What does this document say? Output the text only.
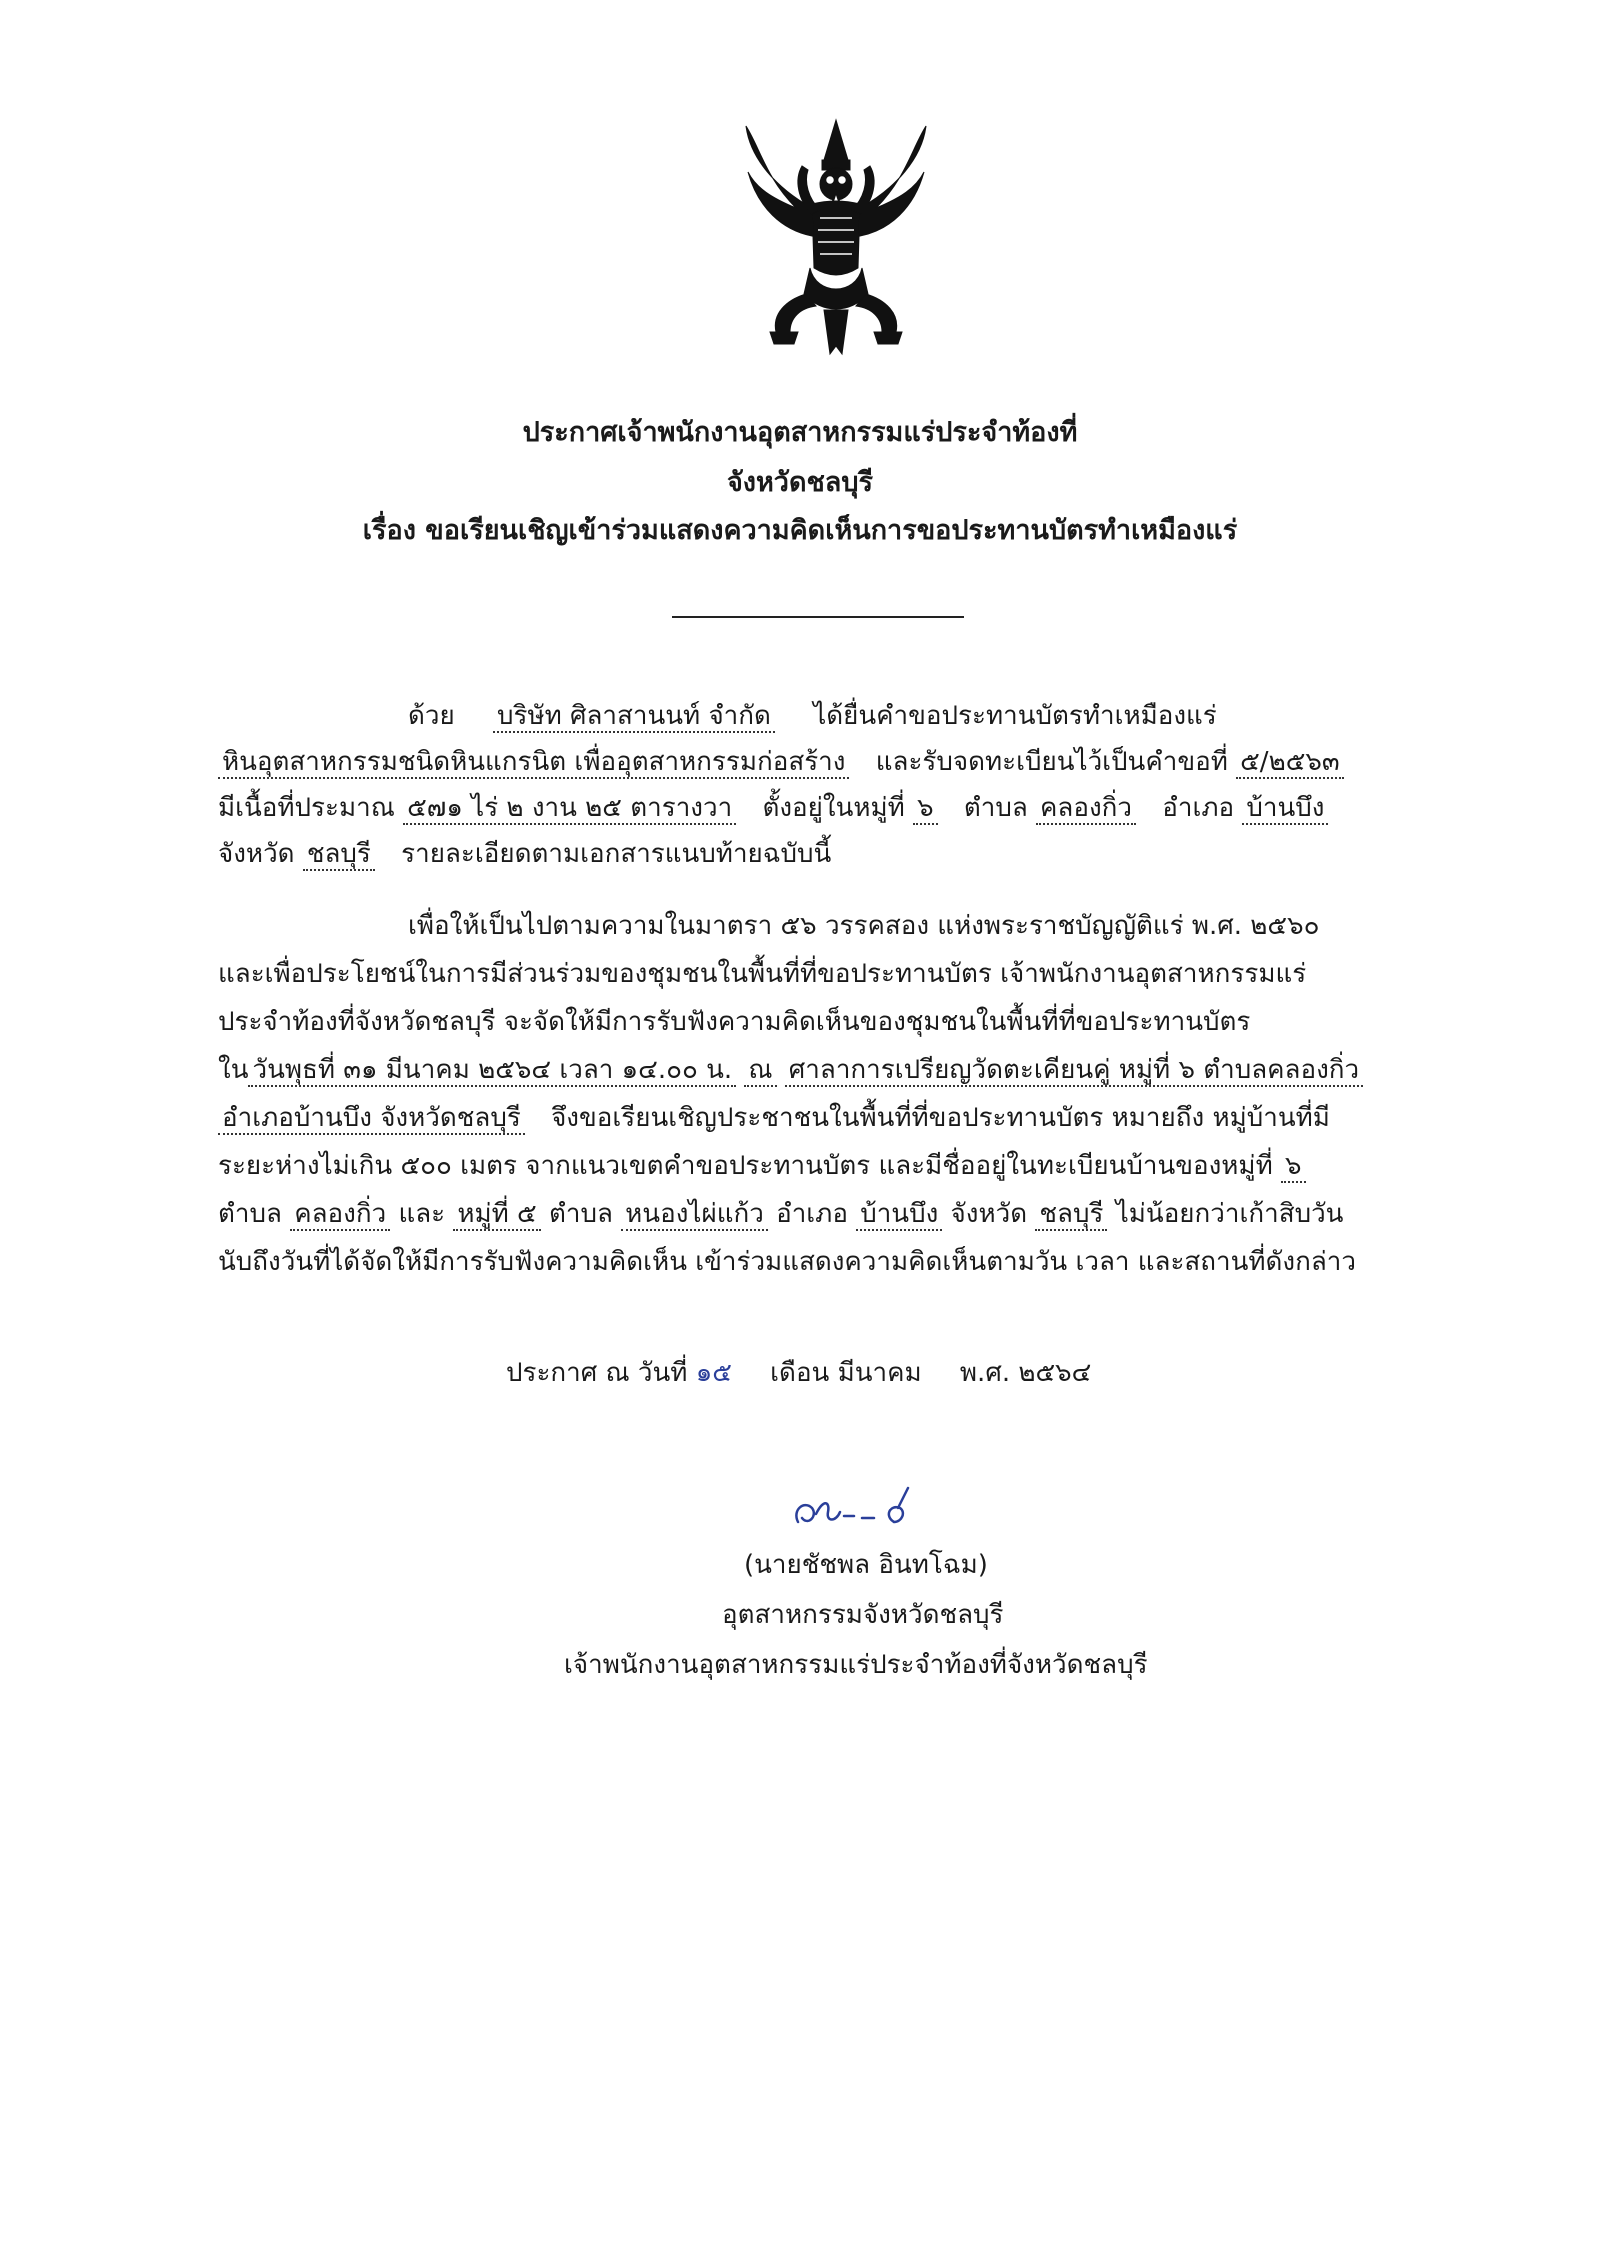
ประกาศเจ้าพนักงานอุตสาหกรรมแร่ประจำท้องที่
จังหวัดชลบุรี
เรื่อง ขอเรียนเชิญเข้าร่วมแสดงความคิดเห็นการขอประทานบัตรทำเหมืองแร่
ด้วย บริษัท ศิลาสานนท์ จำกัด ได้ยื่นคำขอประทานบัตรทำเหมืองแร่
หินอุตสาหกรรมชนิดหินแกรนิต เพื่ออุตสาหกรรมก่อสร้าง และรับจดทะเบียนไว้เป็นคำขอที่ ๕/๒๕๖๓
มีเนื้อที่ประมาณ ๕๗๑ ไร่ ๒ งาน ๒๕ ตารางวา ตั้งอยู่ในหมู่ที่ ๖ ตำบล คลองกิ่ว อำเภอ บ้านบึง
จังหวัด ชลบุรี รายละเอียดตามเอกสารแนบท้ายฉบับนี้
เพื่อให้เป็นไปตามความในมาตรา ๕๖ วรรคสอง แห่งพระราชบัญญัติแร่ พ.ศ. ๒๕๖๐
และเพื่อประโยชน์ในการมีส่วนร่วมของชุมชนในพื้นที่ที่ขอประทานบัตร เจ้าพนักงานอุตสาหกรรมแร่
ประจำท้องที่จังหวัดชลบุรี จะจัดให้มีการรับฟังความคิดเห็นของชุมชนในพื้นที่ที่ขอประทานบัตร
ใน วันพุธที่ ๓๑ มีนาคม ๒๕๖๔ เวลา ๑๔.๐๐ น. ณ ศาลาการเปรียญวัดตะเคียนคู่ หมู่ที่ ๖ ตำบลคลองกิ่ว
อำเภอบ้านบึง จังหวัดชลบุรี จึงขอเรียนเชิญประชาชนในพื้นที่ที่ขอประทานบัตร หมายถึง หมู่บ้านที่มี
ระยะห่างไม่เกิน ๕๐๐ เมตร จากแนวเขตคำขอประทานบัตร และมีชื่ออยู่ในทะเบียนบ้านของหมู่ที่ ๖
ตำบล คลองกิ่ว และ หมู่ที่ ๕ ตำบล หนองไผ่แก้ว อำเภอ บ้านบึง จังหวัด ชลบุรี ไม่น้อยกว่าเก้าสิบวัน
นับถึงวันที่ได้จัดให้มีการรับฟังความคิดเห็น เข้าร่วมแสดงความคิดเห็นตามวัน เวลา และสถานที่ดังกล่าว
ประกาศ ณ วันที่ ๑๕ เดือน มีนาคม พ.ศ. ๒๕๖๔
(นายชัชพล อินทโฉม)
อุตสาหกรรมจังหวัดชลบุรี
เจ้าพนักงานอุตสาหกรรมแร่ประจำท้องที่จังหวัดชลบุรี
